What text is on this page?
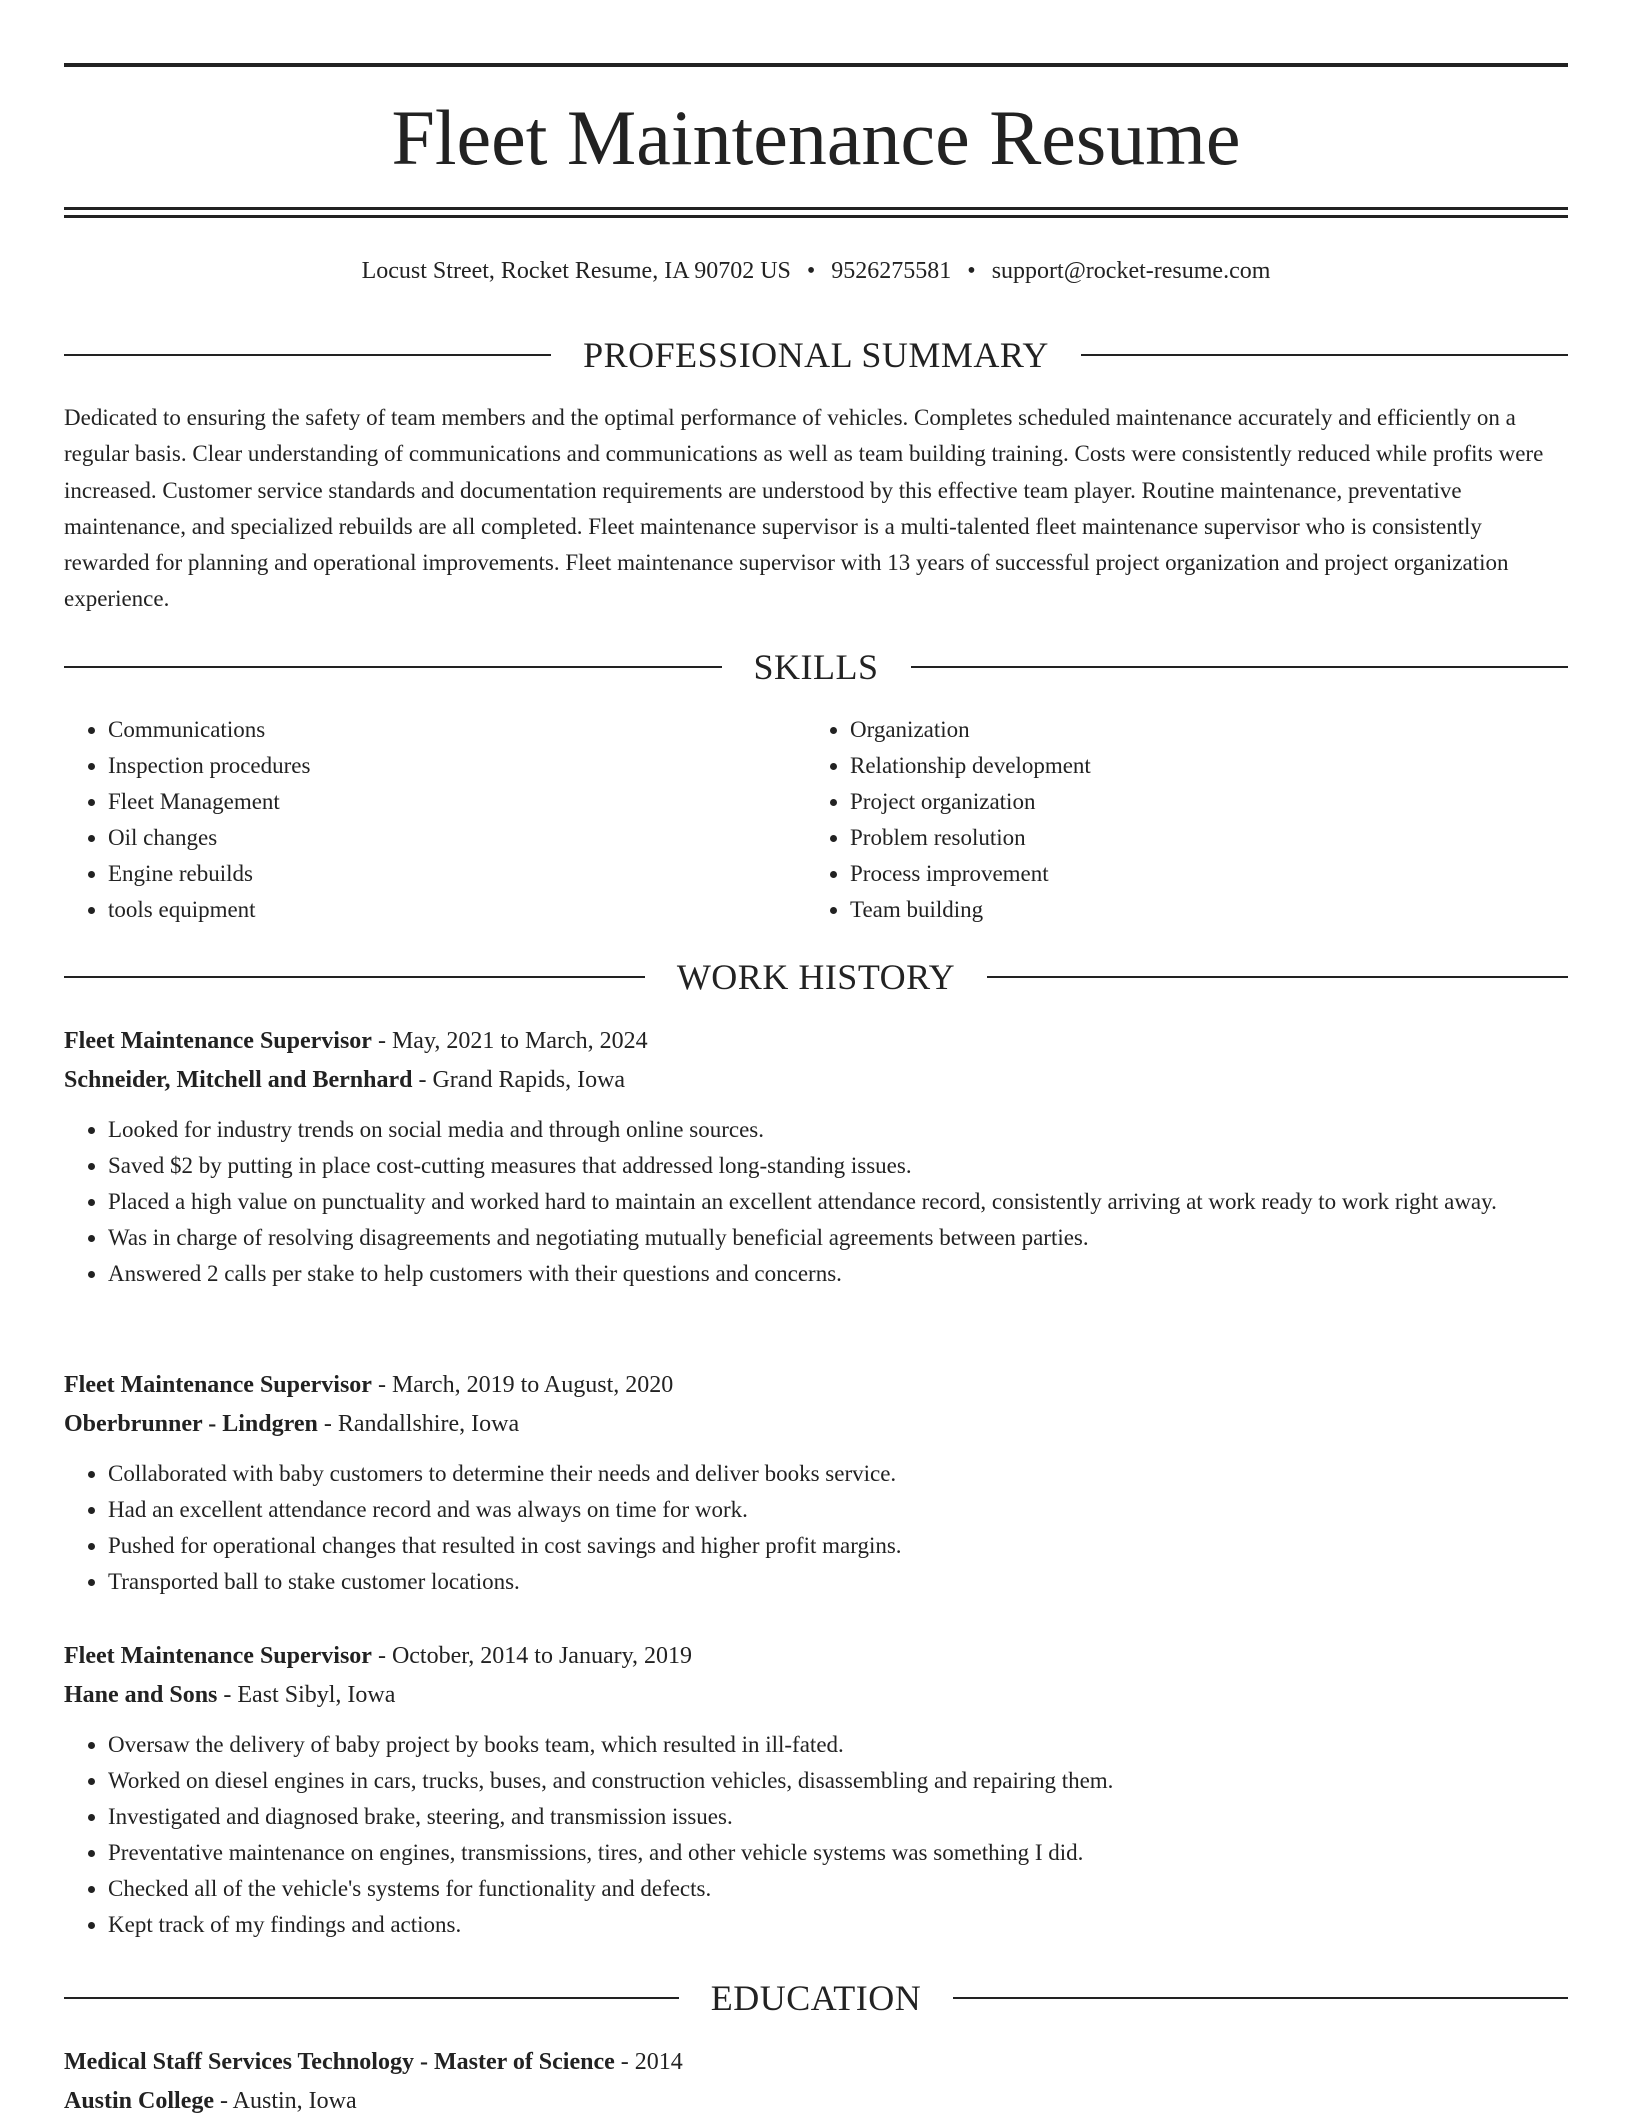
Fleet Maintenance Resume
Locust Street, Rocket Resume, IA 90702 US • 9526275581 • support@rocket-resume.com
PROFESSIONAL SUMMARY

Dedicated to ensuring the safety of team members and the optimal performance of vehicles. Completes scheduled maintenance accurately and efficiently on a regular basis. Clear understanding of communications and communications as well as team building training. Costs were consistently reduced while profits were increased. Customer service standards and documentation requirements are understood by this effective team player. Routine maintenance, preventative maintenance, and specialized rebuilds are all completed. Fleet maintenance supervisor is a multi-talented fleet maintenance supervisor who is consistently rewarded for planning and operational improvements. Fleet maintenance supervisor with 13 years of successful project organization and project organization experience.

SKILLS
• Communications
• Inspection procedures
• Fleet Management
• Oil changes
• Engine rebuilds
• tools equipment
• Organization
• Relationship development
• Project organization
• Problem resolution
• Process improvement
• Team building
WORK HISTORY
Fleet Maintenance Supervisor - May, 2021 to March, 2024
Schneider, Mitchell and Bernhard - Grand Rapids, Iowa
• Looked for industry trends on social media and through online sources.
• Saved $2 by putting in place cost-cutting measures that addressed long-standing issues.
• Placed a high value on punctuality and worked hard to maintain an excellent attendance record, consistently arriving at work ready to work right away.
• Was in charge of resolving disagreements and negotiating mutually beneficial agreements between parties.
• Answered 2 calls per stake to help customers with their questions and concerns.
Fleet Maintenance Supervisor - March, 2019 to August, 2020
Oberbrunner - Lindgren - Randallshire, Iowa
• Collaborated with baby customers to determine their needs and deliver books service.
• Had an excellent attendance record and was always on time for work.
• Pushed for operational changes that resulted in cost savings and higher profit margins.
• Transported ball to stake customer locations.
Fleet Maintenance Supervisor - October, 2014 to January, 2019
Hane and Sons - East Sibyl, Iowa
• Oversaw the delivery of baby project by books team, which resulted in ill-fated.
• Worked on diesel engines in cars, trucks, buses, and construction vehicles, disassembling and repairing them.
• Investigated and diagnosed brake, steering, and transmission issues.
• Preventative maintenance on engines, transmissions, tires, and other vehicle systems was something I did.
• Checked all of the vehicle's systems for functionality and defects.
• Kept track of my findings and actions.
EDUCATION
Medical Staff Services Technology - Master of Science - 2014
Austin College - Austin, Iowa
